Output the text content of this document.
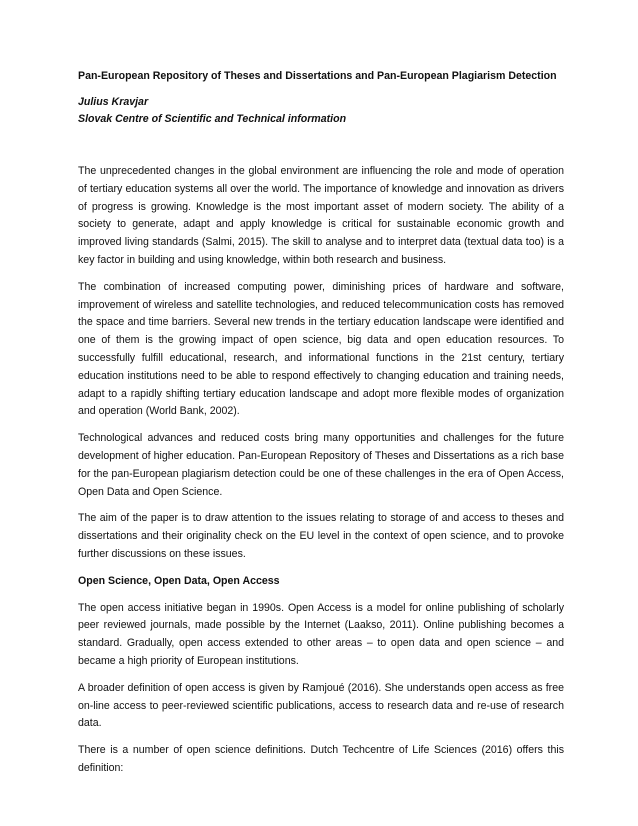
Pan-European Repository of Theses and Dissertations and Pan-European Plagiarism Detection
Julius Kravjar
Slovak Centre of Scientific and Technical information

The unprecedented changes in the global environment are influencing the role and mode of operation of tertiary education systems all over the world. The importance of knowledge and innovation as drivers of progress is growing. Knowledge is the most important asset of modern society. The ability of a society to generate, adapt and apply knowledge is critical for sustainable economic growth and improved living standards (Salmi, 2015). The skill to analyse and to interpret data (textual data too) is a key factor in building and using knowledge, within both research and business.

The combination of increased computing power, diminishing prices of hardware and software, improvement of wireless and satellite technologies, and reduced telecommunication costs has removed the space and time barriers. Several new trends in the tertiary education landscape were identified and one of them is the growing impact of open science, big data and open education resources. To successfully fulfill educational, research, and informational functions in the 21st century, tertiary education institutions need to be able to respond effectively to changing education and training needs, adapt to a rapidly shifting tertiary education landscape and adopt more flexible modes of organization and operation (World Bank, 2002).

Technological advances and reduced costs bring many opportunities and challenges for the future development of higher education. Pan-European Repository of Theses and Dissertations as a rich base for the pan-European plagiarism detection could be one of these challenges in the era of Open Access, Open Data and Open Science.

The aim of the paper is to draw attention to the issues relating to storage of and access to theses and dissertations and their originality check on the EU level in the context of open science, and to provoke further discussions on these issues.

Open Science, Open Data, Open Access

The open access initiative began in 1990s. Open Access is a model for online publishing of scholarly peer reviewed journals, made possible by the Internet (Laakso, 2011). Online publishing becomes a standard. Gradually, open access extended to other areas – to open data and open science – and became a high priority of European institutions.

A broader definition of open access is given by Ramjoué (2016). She understands open access as free on-line access to peer-reviewed scientific publications, access to research data and re-use of research data.

There is a number of open science definitions. Dutch Techcentre of Life Sciences (2016) offers this definition:
